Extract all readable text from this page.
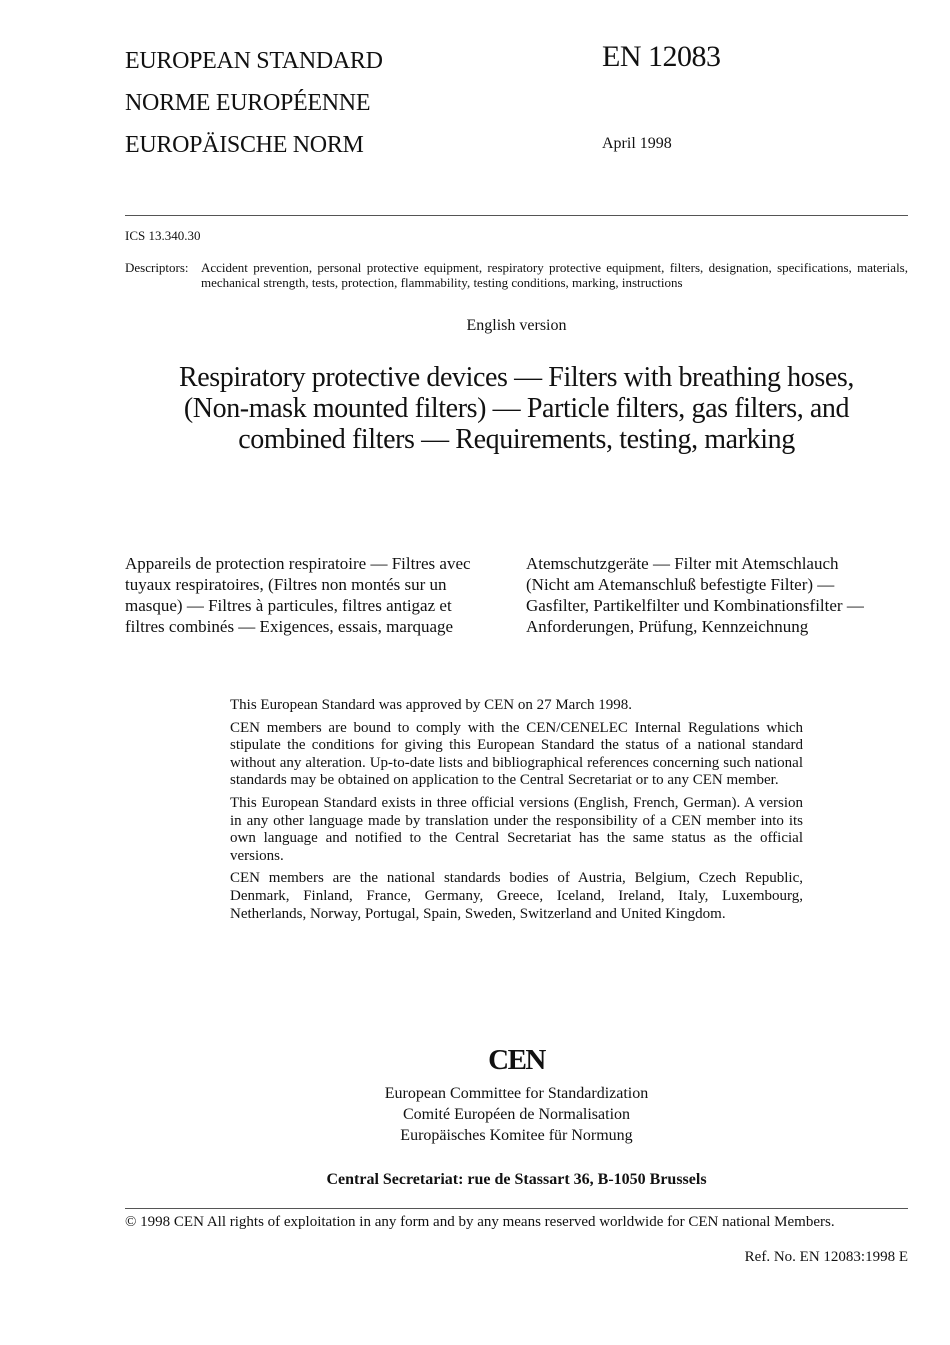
EUROPEAN STANDARD
NORME EUROPÉENNE
EUROPÄISCHE NORM
EN 12083
April 1998
ICS 13.340.30
Descriptors: Accident prevention, personal protective equipment, respiratory protective equipment, filters, designation, specifications, materials, mechanical strength, tests, protection, flammability, testing conditions, marking, instructions
English version
Respiratory protective devices — Filters with breathing hoses,
(Non-mask mounted filters) — Particle filters, gas filters, and
combined filters — Requirements, testing, marking
Appareils de protection respiratoire — Filtres avec
tuyaux respiratoires, (Filtres non montés sur un
masque) — Filtres à particules, filtres antigaz et
filtres combinés — Exigences, essais, marquage
Atemschutzgeräte — Filter mit Atemschlauch
(Nicht am Atemanschluß befestigte Filter) —
Gasfilter, Partikelfilter und Kombinationsfilter —
Anforderungen, Prüfung, Kennzeichnung

This European Standard was approved by CEN on 27 March 1998.

CEN members are bound to comply with the CEN/CENELEC Internal Regulations which stipulate the conditions for giving this European Standard the status of a national standard without any alteration. Up-to-date lists and bibliographical references concerning such national standards may be obtained on application to the Central Secretariat or to any CEN member.

This European Standard exists in three official versions (English, French, German). A version in any other language made by translation under the responsibility of a CEN member into its own language and notified to the Central Secretariat has the same status as the official versions.

CEN members are the national standards bodies of Austria, Belgium, Czech Republic, Denmark, Finland, France, Germany, Greece, Iceland, Ireland, Italy, Luxembourg, Netherlands, Norway, Portugal, Spain, Sweden, Switzerland and United Kingdom.

CEN
European Committee for Standardization
Comité Européen de Normalisation
Europäisches Komitee für Normung
Central Secretariat: rue de Stassart 36, B-1050 Brussels
© 1998 CEN All rights of exploitation in any form and by any means reserved worldwide for CEN national Members.
Ref. No. EN 12083:1998 E
